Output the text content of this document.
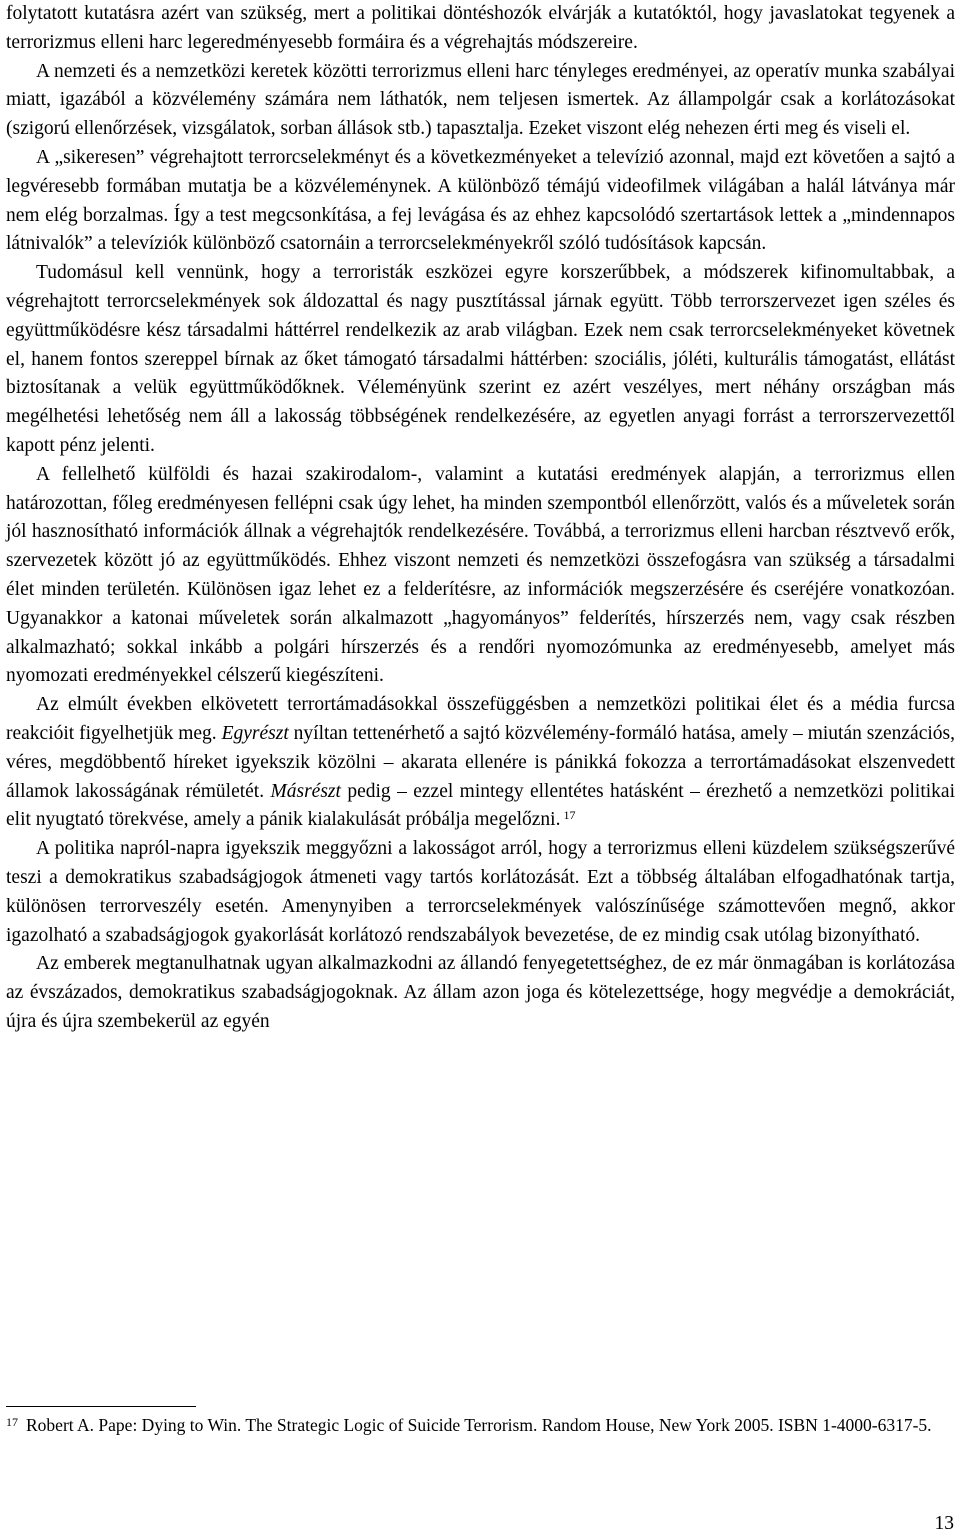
folytatott kutatásra azért van szükség, mert a politikai döntéshozók elvárják a kutatóktól, hogy javaslatokat tegyenek a terrorizmus elleni harc legeredményesebb formáira és a végrehajtás módszereire.

A nemzeti és a nemzetközi keretek közötti terrorizmus elleni harc tényleges eredményei, az operatív munka szabályai miatt, igazából a közvélemény számára nem láthatók, nem teljesen ismertek. Az állampolgár csak a korlátozásokat (szigorú ellenőrzések, vizsgálatok, sorban állások stb.) tapasztalja. Ezeket viszont elég nehezen érti meg és viseli el.

A „sikeresen” végrehajtott terrorcselekményt és a következményeket a televízió azonnal, majd ezt követően a sajtó a legvéresebb formában mutatja be a közvéleménynek. A különböző témájú videofilmek világában a halál látványa már nem elég borzalmas. Így a test megcsonkítása, a fej levágása és az ehhez kapcsolódó szertartások lettek a „mindennapos látnivalók” a televíziók különböző csatornáin a terrorcselekményekről szóló tudósítások kapcsán.

Tudomásul kell vennünk, hogy a terroristák eszközei egyre korszerűbbek, a módszerek kifinomultabbak, a végrehajtott terrorcselekmények sok áldozattal és nagy pusztítással járnak együtt. Több terrorszervezet igen széles és együttműködésre kész társadalmi háttérrel rendelkezik az arab világban. Ezek nem csak terrorcselekményeket követnek el, hanem fontos szereppel bírnak az őket támogató társadalmi háttérben: szociális, jóléti, kulturális támogatást, ellátást biztosítanak a velük együttműködőknek. Véleményünk szerint ez azért veszélyes, mert néhány országban más megélhetési lehetőség nem áll a lakosság többségének rendelkezésére, az egyetlen anyagi forrást a terrorszervezettől kapott pénz jelenti.

A fellelhető külföldi és hazai szakirodalom-, valamint a kutatási eredmények alapján, a terrorizmus ellen határozottan, főleg eredményesen fellépni csak úgy lehet, ha minden szempontból ellenőrzött, valós és a műveletek során jól hasznosítható információk állnak a végrehajtók rendelkezésére. Továbbá, a terrorizmus elleni harcban résztvevő erők, szervezetek között jó az együttműködés. Ehhez viszont nemzeti és nemzetközi összefogásra van szükség a társadalmi élet minden területén. Különösen igaz lehet ez a felderítésre, az információk megszerzésére és cseréjére vonatkozóan. Ugyanakkor a katonai műveletek során alkalmazott „hagyományos” felderítés, hírszerzés nem, vagy csak részben alkalmazható; sokkal inkább a polgári hírszerzés és a rendőri nyomozómunka az eredményesebb, amelyet más nyomozati eredményekkel célszerű kiegészíteni.

Az elmúlt években elkövetett terrortámadásokkal összefüggésben a nemzetközi politikai élet és a média furcsa reakcióit figyelhetjük meg. Egyrészt nyíltan tettenérhető a sajtó közvélemény-formáló hatása, amely – miután szenzációs, véres, megdöbbentő híreket igyekszik közölni – akarata ellenére is pánikká fokozza a terrortámadásokat elszenvedett államok lakosságának rémületét. Másrészt pedig – ezzel mintegy ellentétes hatásként – érezhető a nemzetközi politikai elit nyugtató törekvése, amely a pánik kialakulását próbálja megelőzni. $^{17}$

A politika napról-napra igyekszik meggyőzni a lakosságot arról, hogy a terrorizmus elleni küzdelem szükségszerűvé teszi a demokratikus szabadságjogok átmeneti vagy tartós korlátozását. Ezt a többség általában elfogadhatónak tartja, különösen terrorveszély esetén. Amenynyiben a terrorcselekmények valószínűsége számottevően megnő, akkor igazolható a szabadságjogok gyakorlását korlátozó rendszabályok bevezetése, de ez mindig csak utólag bizonyítható.

Az emberek megtanulhatnak ugyan alkalmazkodni az állandó fenyegetettséghez, de ez már önmagában is korlátozása az évszázados, demokratikus szabadságjogoknak. Az állam azon joga és kötelezettsége, hogy megvédje a demokráciát, újra és újra szembekerül az egyén

$^{17}$ Robert A. Pape: Dying to Win. The Strategic Logic of Suicide Terrorism. Random House, New York 2005. ISBN 1-4000-6317-5.
13
